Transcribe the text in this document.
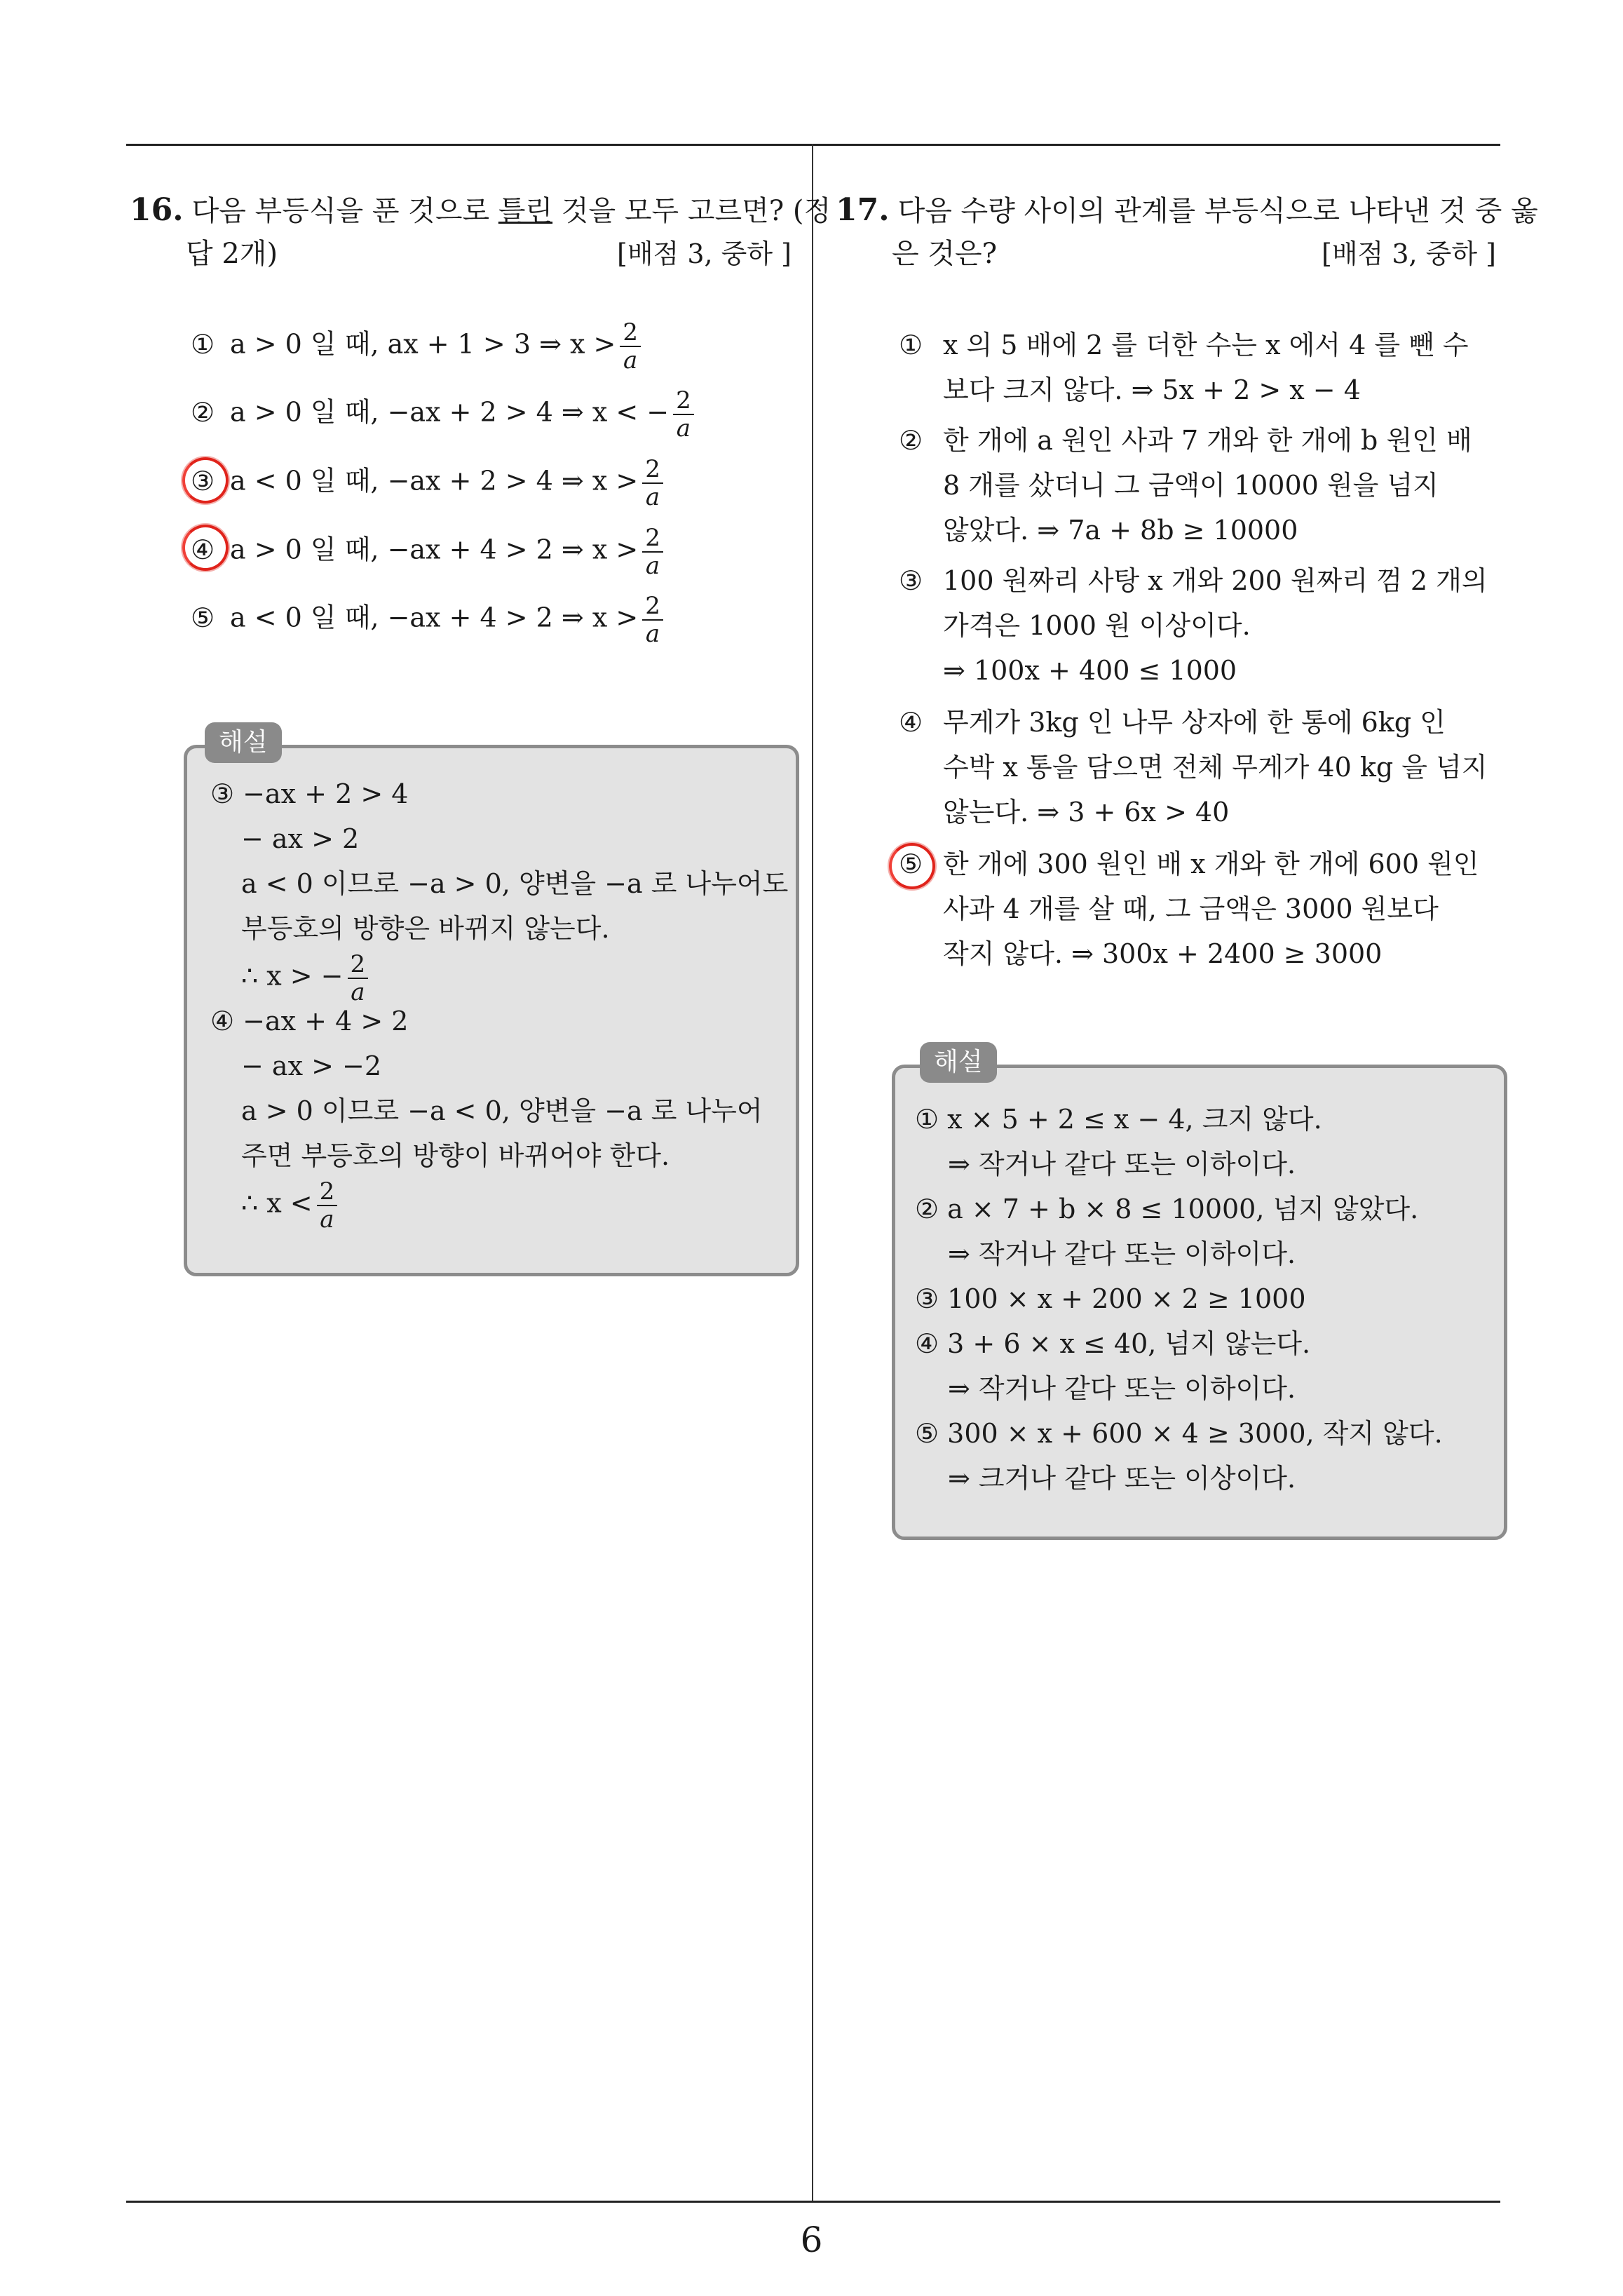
16. 다음 부등식을 푼 것으로 틀린 것을 모두 고르면? (정
답 2개)	[배점 3, 중하 ]
① a > 0 일 때, ax + 1 > 3 ⇒ $x > \frac{2}{a}$
② a > 0 일 때, −ax + 2 > 4 ⇒ x < − $\frac{2}{a}$
③ a < 0 일 때, −ax + 2 > 4 ⇒ $x > \frac{2}{a}$
④ a > 0 일 때, −ax + 4 > 2 ⇒ $x > \frac{2}{a}$
⑤ a < 0 일 때, −ax + 4 > 2 ⇒ $x > \frac{2}{a}$
해설
③ −ax + 2 > 4
− ax > 2
a < 0 이므로 −a > 0, 양변을 −a 로 나누어도
부등호의 방향은 바뀌지 않는다.
∴ x > − $\frac{2}{a}$
④ −ax + 4 > 2
− ax > −2
a > 0 이므로 −a < 0, 양변을 −a 로 나누어
주면 부등호의 방향이 바뀌어야 한다.
∴ $x < \frac{2}{a}$
17. 다음 수량 사이의 관계를 부등식으로 나타낸 것 중 옳
은 것은?	[배점 3, 중하 ]
① x 의 5 배에 2 를 더한 수는 x 에서 4 를 뺀 수
보다 크지 않다. ⇒ 5x + 2 > x − 4
② 한 개에 a 원인 사과 7 개와 한 개에 b 원인 배
8 개를 샀더니 그 금액이 10000 원을 넘지
않았다. ⇒ 7a + 8b ≥ 10000
③ 100 원짜리 사탕 x 개와 200 원짜리 껌 2 개의
가격은 1000 원 이상이다.
⇒ 100x + 400 ≤ 1000
④ 무게가 3kg 인 나무 상자에 한 통에 6kg 인
수박 x 통을 담으면 전체 무게가 40 kg 을 넘지
않는다. ⇒ 3 + 6x > 40
⑤ 한 개에 300 원인 배 x 개와 한 개에 600 원인
사과 4 개를 살 때, 그 금액은 3000 원보다
작지 않다. ⇒ 300x + 2400 ≥ 3000
해설
① x × 5 + 2 ≤ x − 4, 크지 않다.
⇒ 작거나 같다 또는 이하이다.
② a × 7 + b × 8 ≤ 10000, 넘지 않았다.
⇒ 작거나 같다 또는 이하이다.
③ 100 × x + 200 × 2 ≥ 1000
④ 3 + 6 × x ≤ 40, 넘지 않는다.
⇒ 작거나 같다 또는 이하이다.
⑤ 300 × x + 600 × 4 ≥ 3000, 작지 않다.
⇒ 크거나 같다 또는 이상이다.
6
